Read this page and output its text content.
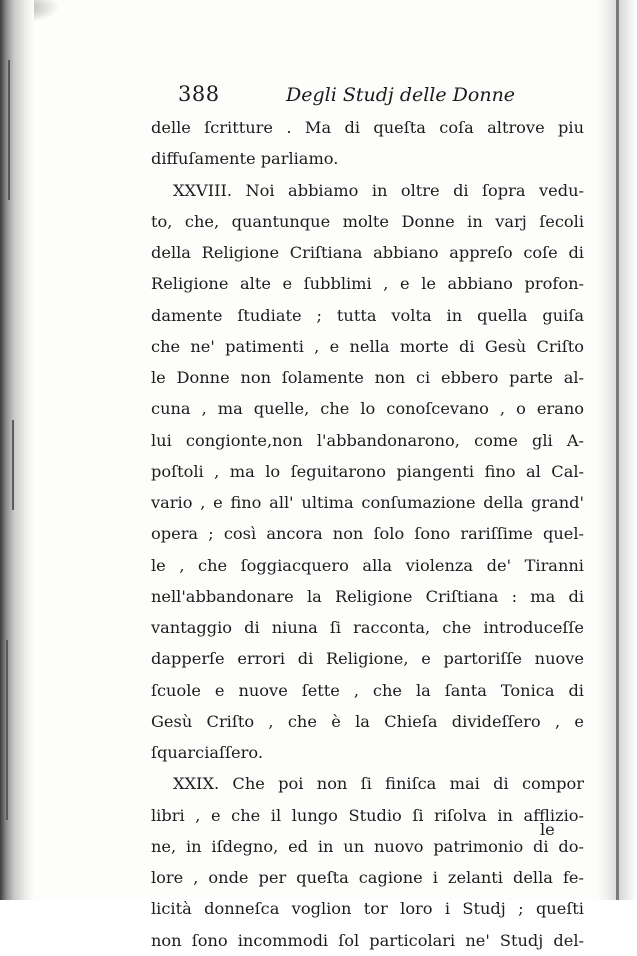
388	Degli Studj delle Donne
delle ſcritture . Ma di queſta coſa altrove piu
diffuſamente parliamo.
XXVIII. Noi abbiamo in oltre di ſopra vedu-
to, che, quantunque molte Donne in varj ſecoli
della Religione Criſtiana abbiano appreſo coſe di
Religione alte e ſubblimi , e le abbiano profon-
damente ſtudiate ; tutta volta in quella guiſa
che ne' patimenti , e nella morte di Gesù Criſto
le Donne non ſolamente non ci ebbero parte al-
cuna , ma quelle, che lo conoſcevano , o erano
lui congionte,non l'abbandonarono, come gli A-
poſtoli , ma lo ſeguitarono piangenti fino al Cal-
vario , e fino all' ultima conſumazione della grand'
opera ; così ancora non ſolo ſono rariſſime quel-
le , che ſoggiacquero alla violenza de' Tiranni
nell'abbandonare la Religione Criſtiana : ma di
vantaggio di niuna ſi racconta, che introduceſſe
dapperſe errori di Religione, e partoriſſe nuove
ſcuole e nuove ſette , che la ſanta Tonica di
Gesù Criſto , che è la Chieſa divideſſero , e
ſquarciaſſero.
XXIX. Che poi non ſi finiſca mai di compor
libri , e che il lungo Studio ſi riſolva in afflizio-
ne, in iſdegno, ed in un nuovo patrimonio di do-
lore , onde per queſta cagione i zelanti della fe-
licità donneſca voglion tor loro i Studj ; queſti
non ſono incommodi ſol particolari ne' Studj del-
le
